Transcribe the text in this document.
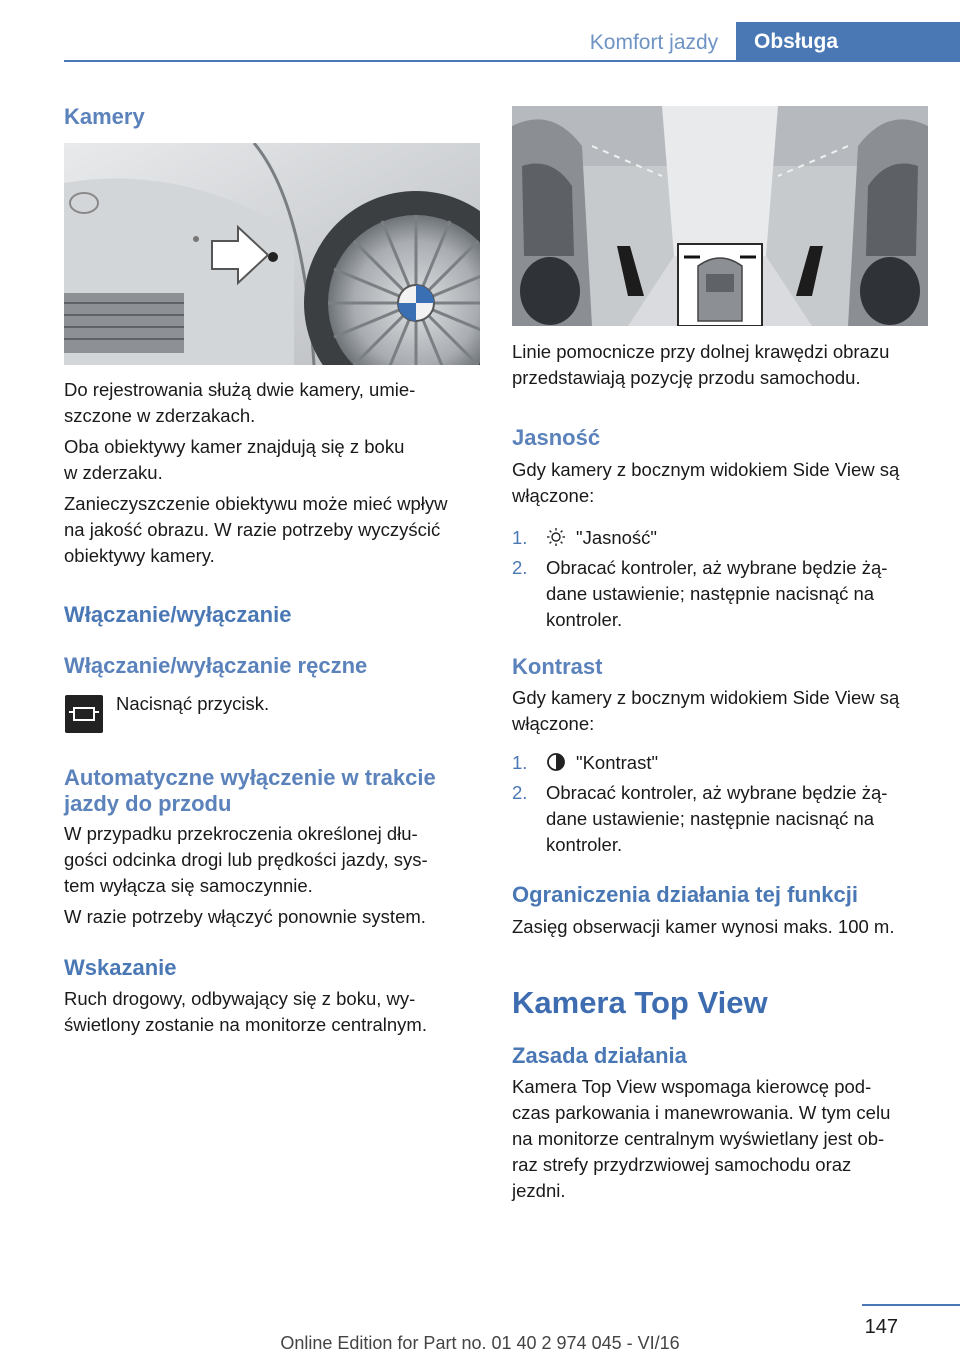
Komfort jazdy	Obsługa
Kamery
Do rejestrowania służą dwie kamery, umie-
szczone w zderzakach.
Oba obiektywy kamer znajdują się z boku
w zderzaku.
Zanieczyszczenie obiektywu może mieć wpływ
na jakość obrazu. W razie potrzeby wyczyścić
obiektywy kamery.
Włączanie/wyłączanie
Włączanie/wyłączanie ręczne
Nacisnąć przycisk.
Automatyczne wyłączenie w trakcie
jazdy do przodu
W przypadku przekroczenia określonej dłu-
gości odcinka drogi lub prędkości jazdy, sys-
tem wyłącza się samoczynnie.
W razie potrzeby włączyć ponownie system.
Wskazanie
Ruch drogowy, odbywający się z boku, wy-
świetlony zostanie na monitorze centralnym.
Linie pomocnicze przy dolnej krawędzi obrazu
przedstawiają pozycję przodu samochodu.
Jasność
Gdy kamery z bocznym widokiem Side View są
włączone:
1.	"Jasność"
2. Obracać kontroler, aż wybrane będzie żą-
dane ustawienie; następnie nacisnąć na
kontroler.
Kontrast
Gdy kamery z bocznym widokiem Side View są
włączone:
1.	"Kontrast"
2. Obracać kontroler, aż wybrane będzie żą-
dane ustawienie; następnie nacisnąć na
kontroler.
Ograniczenia działania tej funkcji
Zasięg obserwacji kamer wynosi maks. 100 m.
Kamera Top View
Zasada działania
Kamera Top View wspomaga kierowcę pod-
czas parkowania i manewrowania. W tym celu
na monitorze centralnym wyświetlany jest ob-
raz strefy przydrzwiowej samochodu oraz
jezdni.
147
Online Edition for Part no. 01 40 2 974 045 - VI/16
